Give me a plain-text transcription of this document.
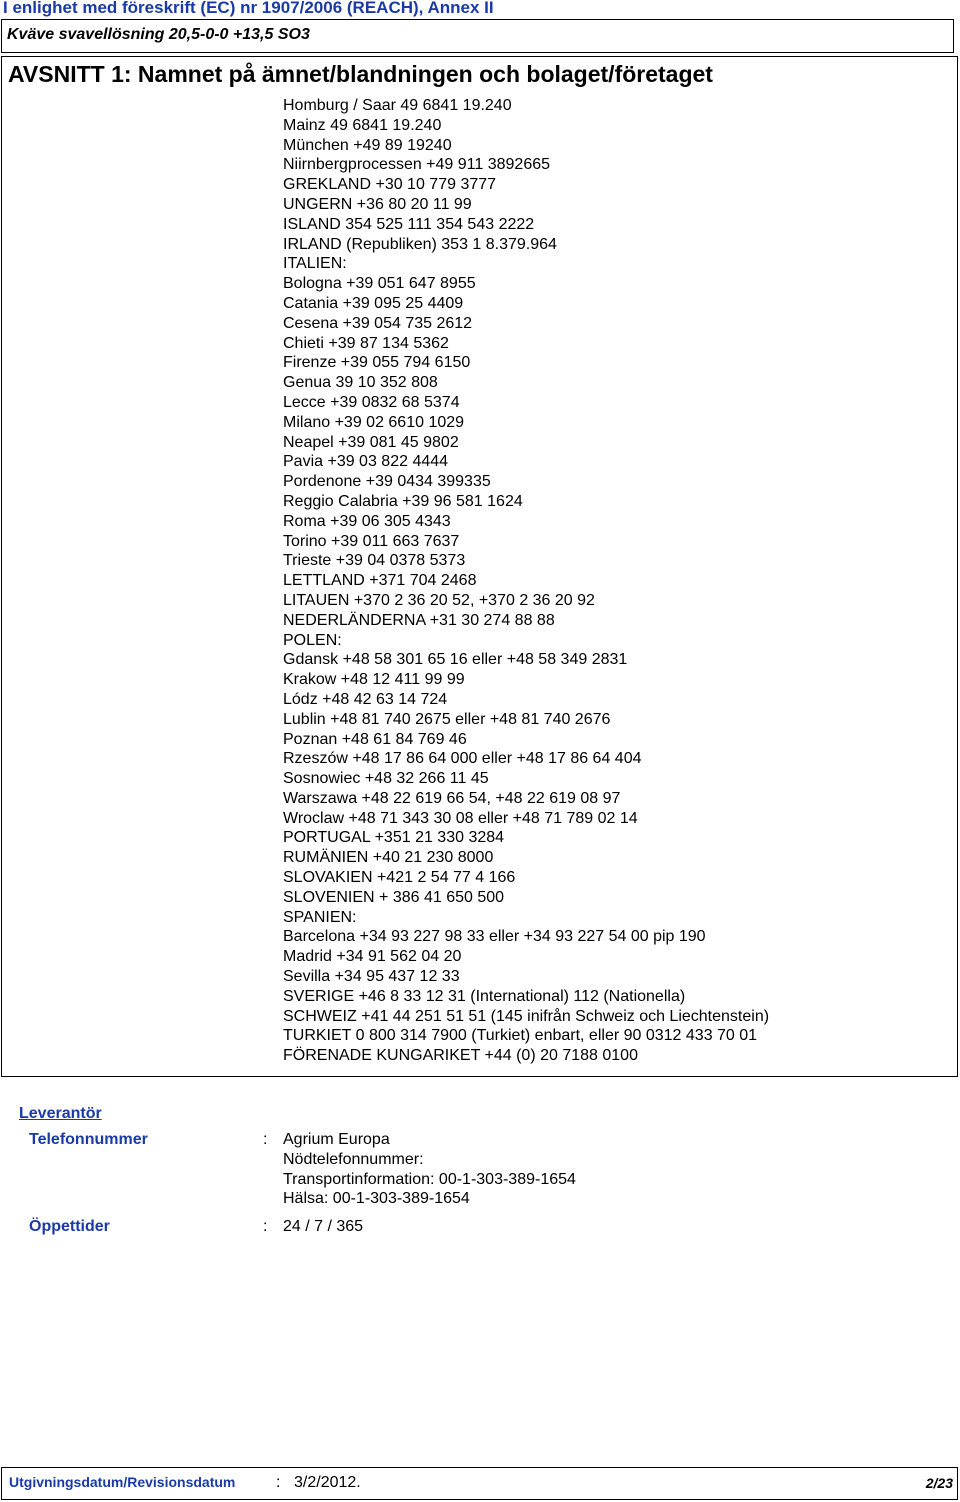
I enlighet med föreskrift (EC) nr 1907/2006 (REACH), Annex II
Kväve svavellösning 20,5-0-0 +13,5 SO3
AVSNITT 1: Namnet på ämnet/blandningen och bolaget/företaget
Homburg / Saar 49 6841 19.240
Mainz 49 6841 19.240
München +49 89 19240
Niirnbergprocessen +49 911 3892665
GREKLAND +30 10 779 3777
UNGERN +36 80 20 11 99
ISLAND 354 525 111 354 543 2222
IRLAND (Republiken) 353 1 8.379.964
ITALIEN:
Bologna +39 051 647 8955
Catania +39 095 25 4409
Cesena +39 054 735 2612
Chieti +39 87 134 5362
Firenze +39 055 794 6150
Genua 39 10 352 808
Lecce +39 0832 68 5374
Milano +39 02 6610 1029
Neapel +39 081 45 9802
Pavia +39 03 822 4444
Pordenone +39 0434 399335
Reggio Calabria +39 96 581 1624
Roma +39 06 305 4343
Torino +39 011 663 7637
Trieste +39 04 0378 5373
LETTLAND +371 704 2468
LITAUEN +370 2 36 20 52, +370 2 36 20 92
NEDERLÄNDERNA +31 30 274 88 88
POLEN:
Gdansk +48 58 301 65 16 eller +48 58 349 2831
Krakow +48 12 411 99 99
Lódz +48 42 63 14 724
Lublin +48 81 740 2675 eller +48 81 740 2676
Poznan +48 61 84 769 46
Rzeszów +48 17 86 64 000 eller +48 17 86 64 404
Sosnowiec +48 32 266 11 45
Warszawa +48 22 619 66 54, +48 22 619 08 97
Wroclaw +48 71 343 30 08 eller +48 71 789 02 14
PORTUGAL +351 21 330 3284
RUMÄNIEN +40 21 230 8000
SLOVAKIEN +421 2 54 77 4 166
SLOVENIEN + 386 41 650 500
SPANIEN:
Barcelona +34 93 227 98 33 eller +34 93 227 54 00 pip 190
Madrid +34 91 562 04 20
Sevilla +34 95 437 12 33
SVERIGE +46 8 33 12 31 (International) 112 (Nationella)
SCHWEIZ +41 44 251 51 51 (145 inifrån Schweiz och Liechtenstein)
TURKIET 0 800 314 7900 (Turkiet) enbart, eller 90 0312 433 70 01
FÖRENADE KUNGARIKET +44 (0) 20 7188 0100
Leverantör
Telefonnummer	: Agrium Europa
Nödtelefonnummer:
Transportinformation: 00-1-303-389-1654
Hälsa: 00-1-303-389-1654
Öppettider	: 24 / 7 / 365
Utgivningsdatum/Revisionsdatum	: 3/2/2012.	2/23
